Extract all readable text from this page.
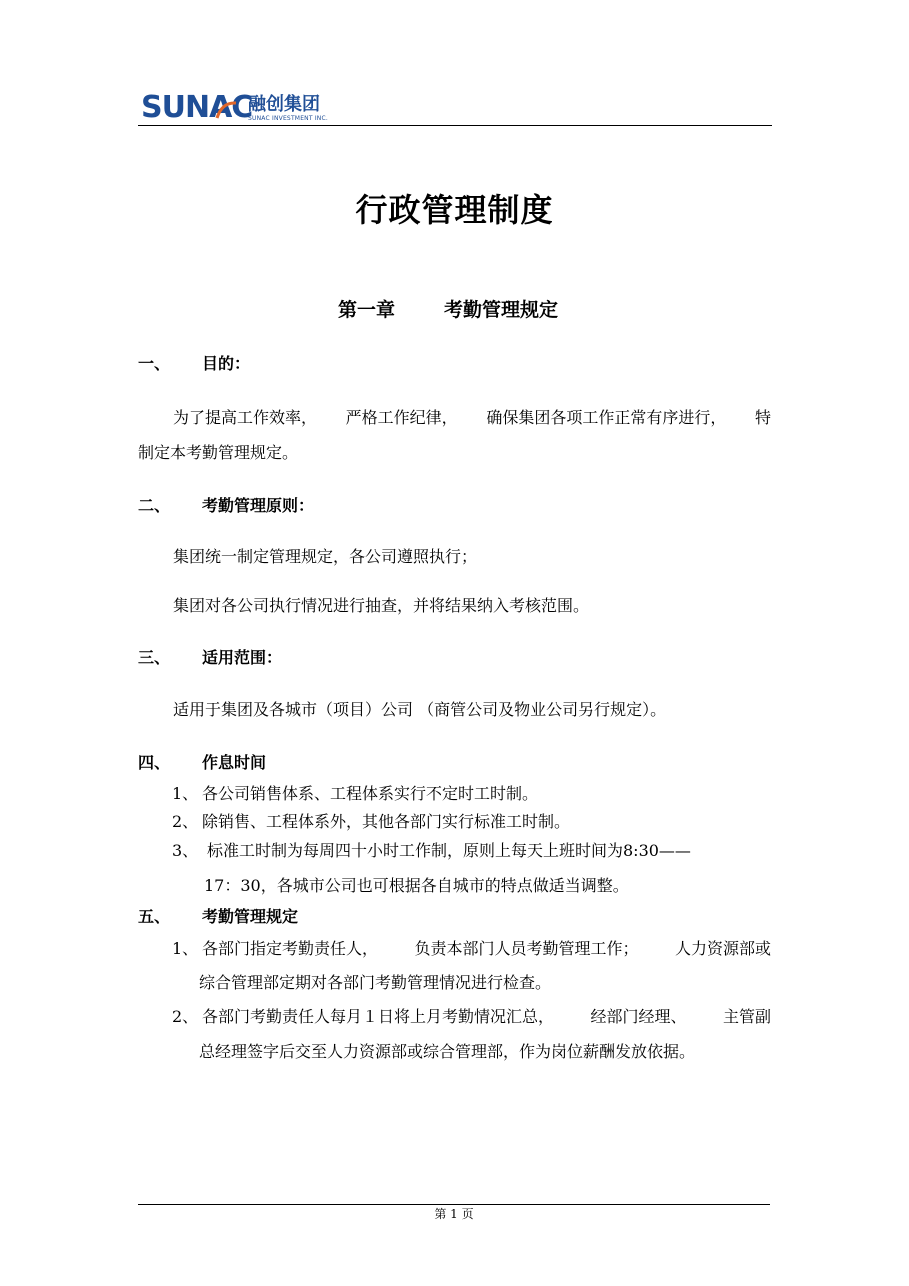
SUNAC
融创集团
SUNAC INVESTMENT INC.
行政管理制度
第一章	考勤管理规定
一、 目的：
为了提高工作效率， 严格工作纪律， 确保集团各项工作正常有序进行， 特
制定本考勤管理规定。
二、 考勤管理原则：
集团统一制定管理规定，各公司遵照执行；
集团对各公司执行情况进行抽查，并将结果纳入考核范围。
三、 适用范围：
适用于集团及各城市（项目）公司 （商管公司及物业公司另行规定）。
四、 作息时间
1、 各公司销售体系、工程体系实行不定时工时制。
2、 除销售、工程体系外，其他各部门实行标准工时制。
3、 标准工时制为每周四十小时工作制，原则上每天上班时间为8:30——
17：30，各城市公司也可根据各自城市的特点做适当调整。
五、 考勤管理规定
1、 各部门指定考勤责任人， 负责本部门人员考勤管理工作； 人力资源部或
综合管理部定期对各部门考勤管理情况进行检查。
2、 各部门考勤责任人每月１日将上月考勤情况汇总， 经部门经理、 主管副
总经理签字后交至人力资源部或综合管理部，作为岗位薪酬发放依据。
第 1 页
